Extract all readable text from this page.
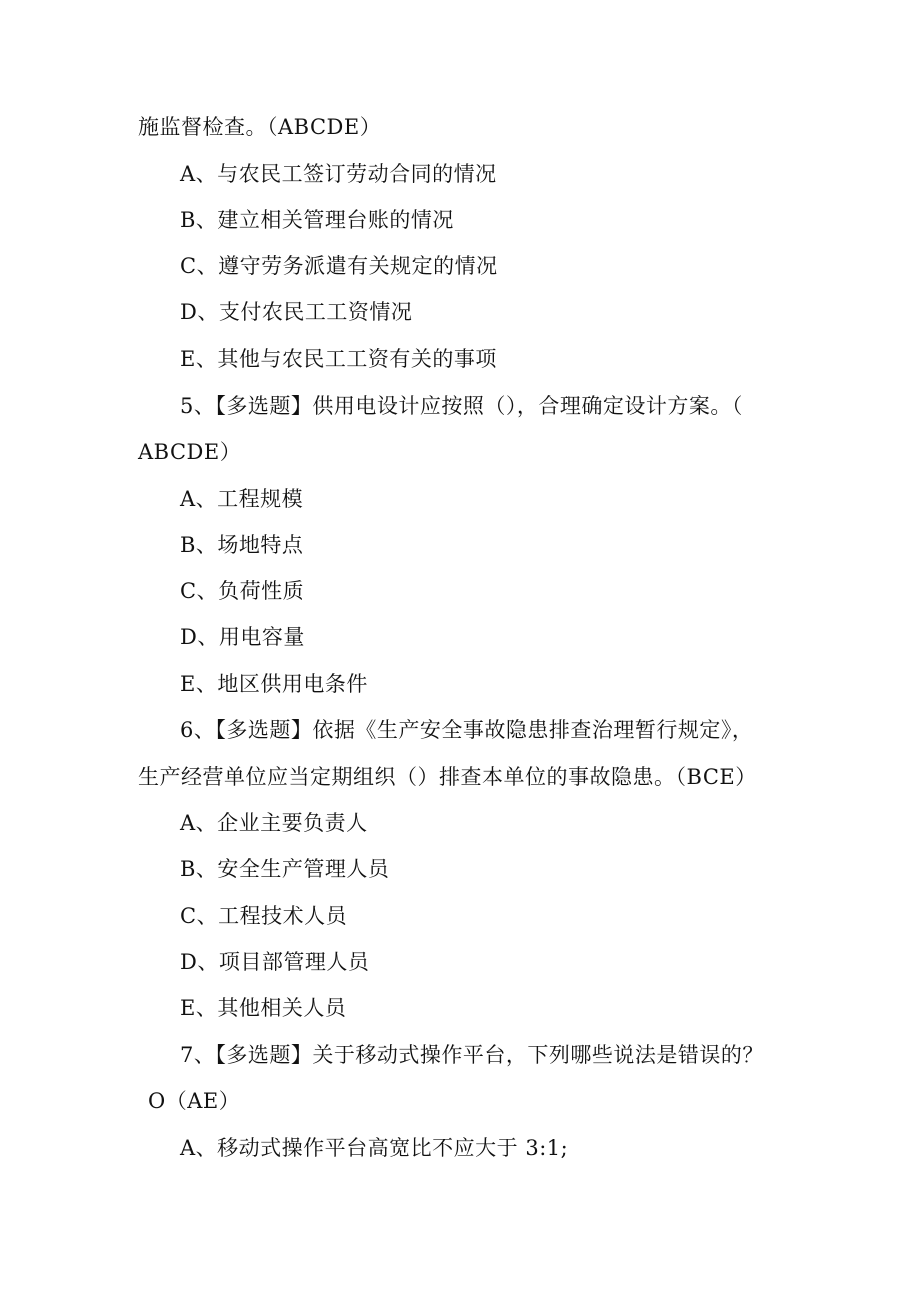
施监督检查。（ABCDE）
A、与农民工签订劳动合同的情况
B、建立相关管理台账的情况
C、遵守劳务派遣有关规定的情况
D、支付农民工工资情况
E、其他与农民工工资有关的事项
5、【多选题】供用电设计应按照（），合理确定设计方案。（
ABCDE）
A、工程规模
B、场地特点
C、负荷性质
D、用电容量
E、地区供用电条件
6、【多选题】依据《生产安全事故隐患排查治理暂行规定》，
生产经营单位应当定期组织（）排查本单位的事故隐患。（BCE）
A、企业主要负责人
B、安全生产管理人员
C、工程技术人员
D、项目部管理人员
E、其他相关人员
7、【多选题】关于移动式操作平台，下列哪些说法是错误的？
O（AE）
A、移动式操作平台高宽比不应大于 3:1;
